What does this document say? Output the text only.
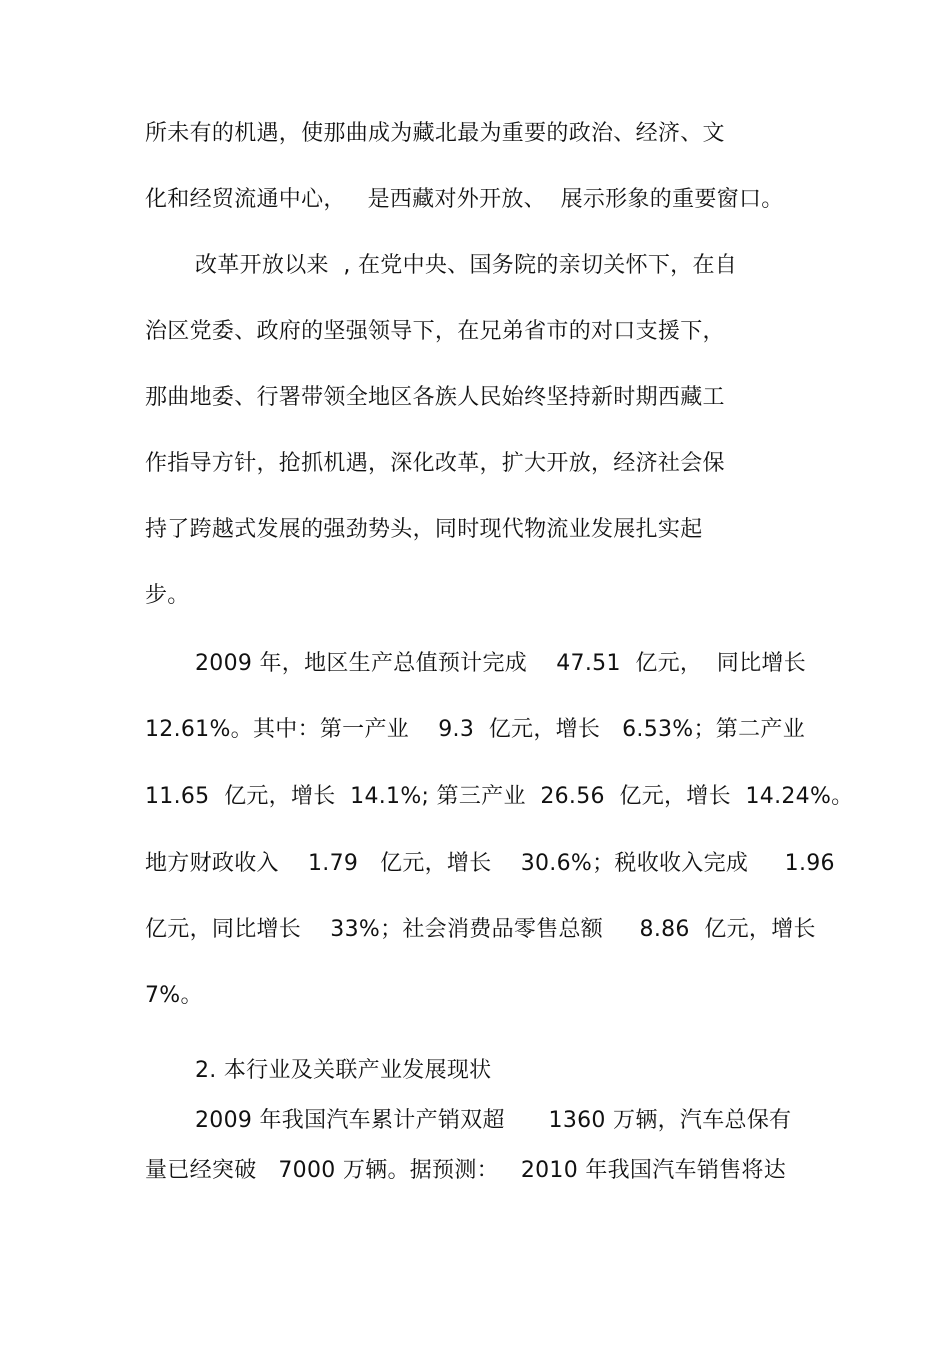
所未有的机遇，使那曲成为藏北最为重要的政治、经济、文
化和经贸流通中心，   是西藏对外开放、  展示形象的重要窗口。
改革开放以来  , 在党中央、国务院的亲切关怀下，在自
治区党委、政府的坚强领导下，在兄弟省市的对口支援下，
那曲地委、行署带领全地区各族人民始终坚持新时期西藏工
作指导方针，抢抓机遇，深化改革，扩大开放，经济社会保
持了跨越式发展的强劲势头，同时现代物流业发展扎实起
步。
2009 年，地区生产总值预计完成    47.51  亿元，  同比增长
12.61%。其中：第一产业    9.3  亿元，增长   6.53%；第二产业
11.65  亿元，增长  14.1%; 第三产业  26.56  亿元，增长  14.24%。
地方财政收入    1.79   亿元，增长    30.6%；税收收入完成     1.96
亿元，同比增长    33%；社会消费品零售总额     8.86  亿元，增长
7%。
2. 本行业及关联产业发展现状
2009 年我国汽车累计产销双超      1360 万辆，汽车总保有
量已经突破   7000 万辆。据预测：   2010 年我国汽车销售将达
